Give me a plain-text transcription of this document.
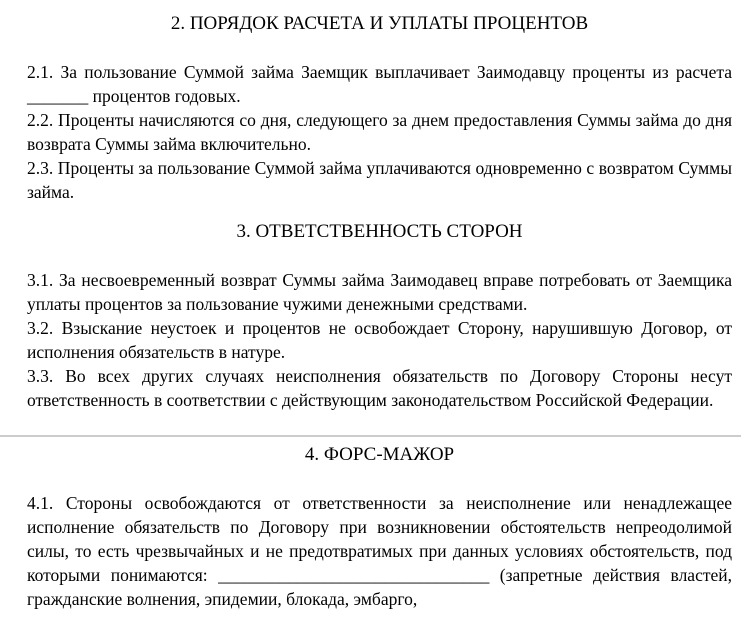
2. ПОРЯДОК РАСЧЕТА И УПЛАТЫ ПРОЦЕНТОВ

2.1. За пользование Суммой займа Заемщик выплачивает Заимодавцу проценты из расчета _______ процентов годовых.

2.2. Проценты начисляются со дня, следующего за днем предоставления Суммы займа до дня возврата Суммы займа включительно.

2.3. Проценты за пользование Суммой займа уплачиваются одновременно с возвратом Суммы займа.

3. ОТВЕТСТВЕННОСТЬ СТОРОН

3.1. За несвоевременный возврат Суммы займа Заимодавец вправе потребовать от Заемщика уплаты процентов за пользование чужими денежными средствами.

3.2. Взыскание неустоек и процентов не освобождает Сторону, нарушившую Договор, от исполнения обязательств в натуре.

3.3. Во всех других случаях неисполнения обязательств по Договору Стороны несут ответственность в соответствии с действующим законодательством Российской Федерации.

4. ФОРС-МАЖОР

4.1. Стороны освобождаются от ответственности за неисполнение или ненадлежащее исполнение обязательств по Договору при возникновении обстоятельств непреодолимой силы, то есть чрезвычайных и не предотвратимых при данных условиях обстоятельств, под которыми понимаются: _______________________________ (запретные действия властей, гражданские волнения, эпидемии, блокада, эмбарго,
